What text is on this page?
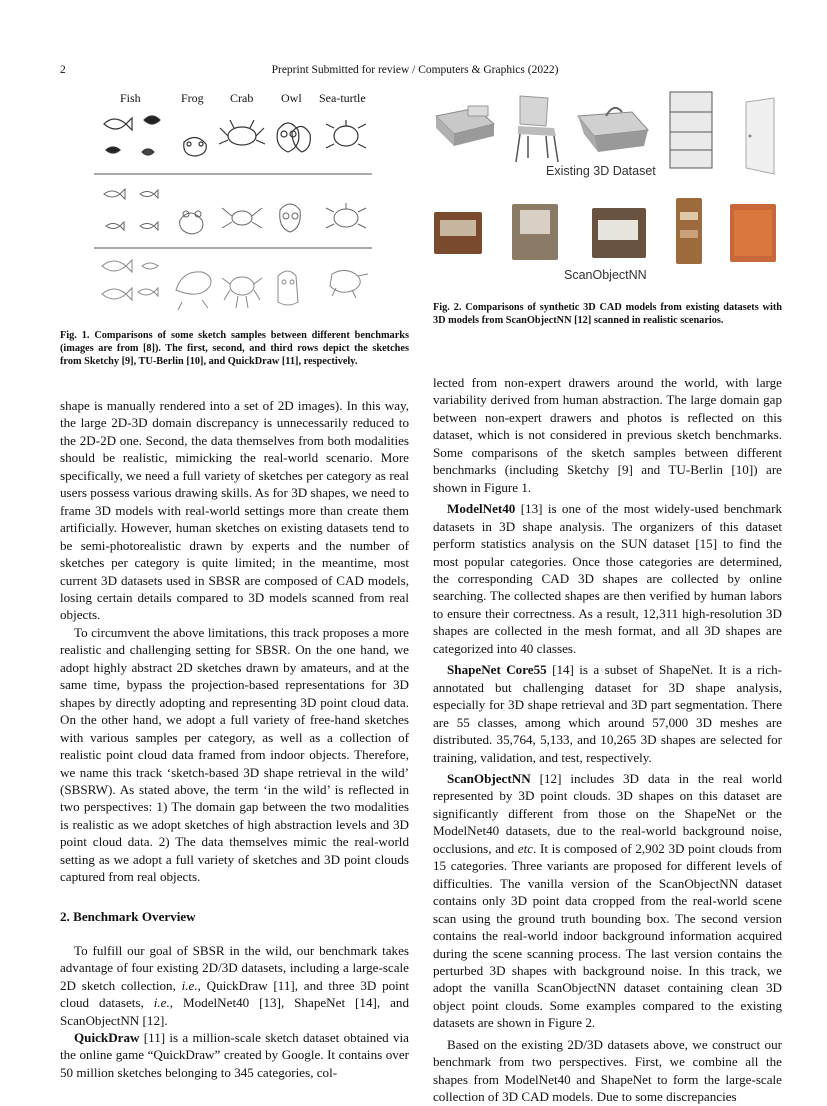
2	Preprint Submitted for review / Computers & Graphics (2022)
Fish	Frog Crab Owl Sea-turtle
Fig. 1. Comparisons of some sketch samples between different benchmarks (images are from [8]). The first, second, and third rows depict the sketches from Sketchy [9], TU-Berlin [10], and QuickDraw [11], respectively.
Existing 3D Dataset
ScanObjectNN
Fig. 2. Comparisons of synthetic 3D CAD models from existing datasets with 3D models from ScanObjectNN [12] scanned in realistic scenarios.

shape is manually rendered into a set of 2D images). In this way, the large 2D-3D domain discrepancy is unnecessarily reduced to the 2D-2D one. Second, the data themselves from both modalities should be realistic, mimicking the real-world scenario. More specifically, we need a full variety of sketches per category as real users possess various drawing skills. As for 3D shapes, we need to frame 3D models with real-world settings more than create them artificially. However, human sketches on existing datasets tend to be semi-photorealistic drawn by experts and the number of sketches per category is quite limited; in the meantime, most current 3D datasets used in SBSR are composed of CAD models, losing certain details compared to 3D models scanned from real objects.

To circumvent the above limitations, this track proposes a more realistic and challenging setting for SBSR. On the one hand, we adopt highly abstract 2D sketches drawn by amateurs, and at the same time, bypass the projection-based representations for 3D shapes by directly adopting and representing 3D point cloud data. On the other hand, we adopt a full variety of free-hand sketches with various samples per category, as well as a collection of realistic point cloud data framed from indoor objects. Therefore, we name this track ‘sketch-based 3D shape retrieval in the wild’ (SBSRW). As stated above, the term ‘in the wild’ is reflected in two perspectives: 1) The domain gap between the two modalities is realistic as we adopt sketches of high abstraction levels and 3D point cloud data. 2) The data themselves mimic the real-world setting as we adopt a full variety of sketches and 3D point clouds captured from real objects.

2. Benchmark Overview

To fulfill our goal of SBSR in the wild, our benchmark takes advantage of four existing 2D/3D datasets, including a large-scale 2D sketch collection, i.e., QuickDraw [11], and three 3D point cloud datasets, i.e., ModelNet40 [13], ShapeNet [14], and ScanObjectNN [12].

QuickDraw [11] is a million-scale sketch dataset obtained via the online game “QuickDraw” created by Google. It contains over 50 million sketches belonging to 345 categories, col-

lected from non-expert drawers around the world, with large variability derived from human abstraction. The large domain gap between non-expert drawers and photos is reflected on this dataset, which is not considered in previous sketch benchmarks. Some comparisons of the sketch samples between different benchmarks (including Sketchy [9] and TU-Berlin [10]) are shown in Figure 1.

ModelNet40 [13] is one of the most widely-used benchmark datasets in 3D shape analysis. The organizers of this dataset perform statistics analysis on the SUN dataset [15] to find the most popular categories. Once those categories are determined, the corresponding CAD 3D shapes are collected by online searching. The collected shapes are then verified by human labors to ensure their correctness. As a result, 12,311 high-resolution 3D shapes are collected in the mesh format, and all 3D shapes are categorized into 40 classes.

ShapeNet Core55 [14] is a subset of ShapeNet. It is a rich-annotated but challenging dataset for 3D shape analysis, especially for 3D shape retrieval and 3D part segmentation. There are 55 classes, among which around 57,000 3D meshes are distributed. 35,764, 5,133, and 10,265 3D shapes are selected for training, validation, and test, respectively.

ScanObjectNN [12] includes 3D data in the real world represented by 3D point clouds. 3D shapes on this dataset are significantly different from those on the ShapeNet or the ModelNet40 datasets, due to the real-world background noise, occlusions, and etc. It is composed of 2,902 3D point clouds from 15 categories. Three variants are proposed for different levels of difficulties. The vanilla version of the ScanObjectNN dataset contains only 3D point data cropped from the real-world scene scan using the ground truth bounding box. The second version contains the real-world indoor background information acquired during the scene scanning process. The last version contains the perturbed 3D shapes with background noise. In this track, we adopt the vanilla ScanObjectNN dataset containing clean 3D object point clouds. Some examples compared to the existing datasets are shown in Figure 2.

Based on the existing 2D/3D datasets above, we construct our benchmark from two perspectives. First, we combine all the shapes from ModelNet40 and ShapeNet to form the large-scale collection of 3D CAD models. Due to some discrepancies
